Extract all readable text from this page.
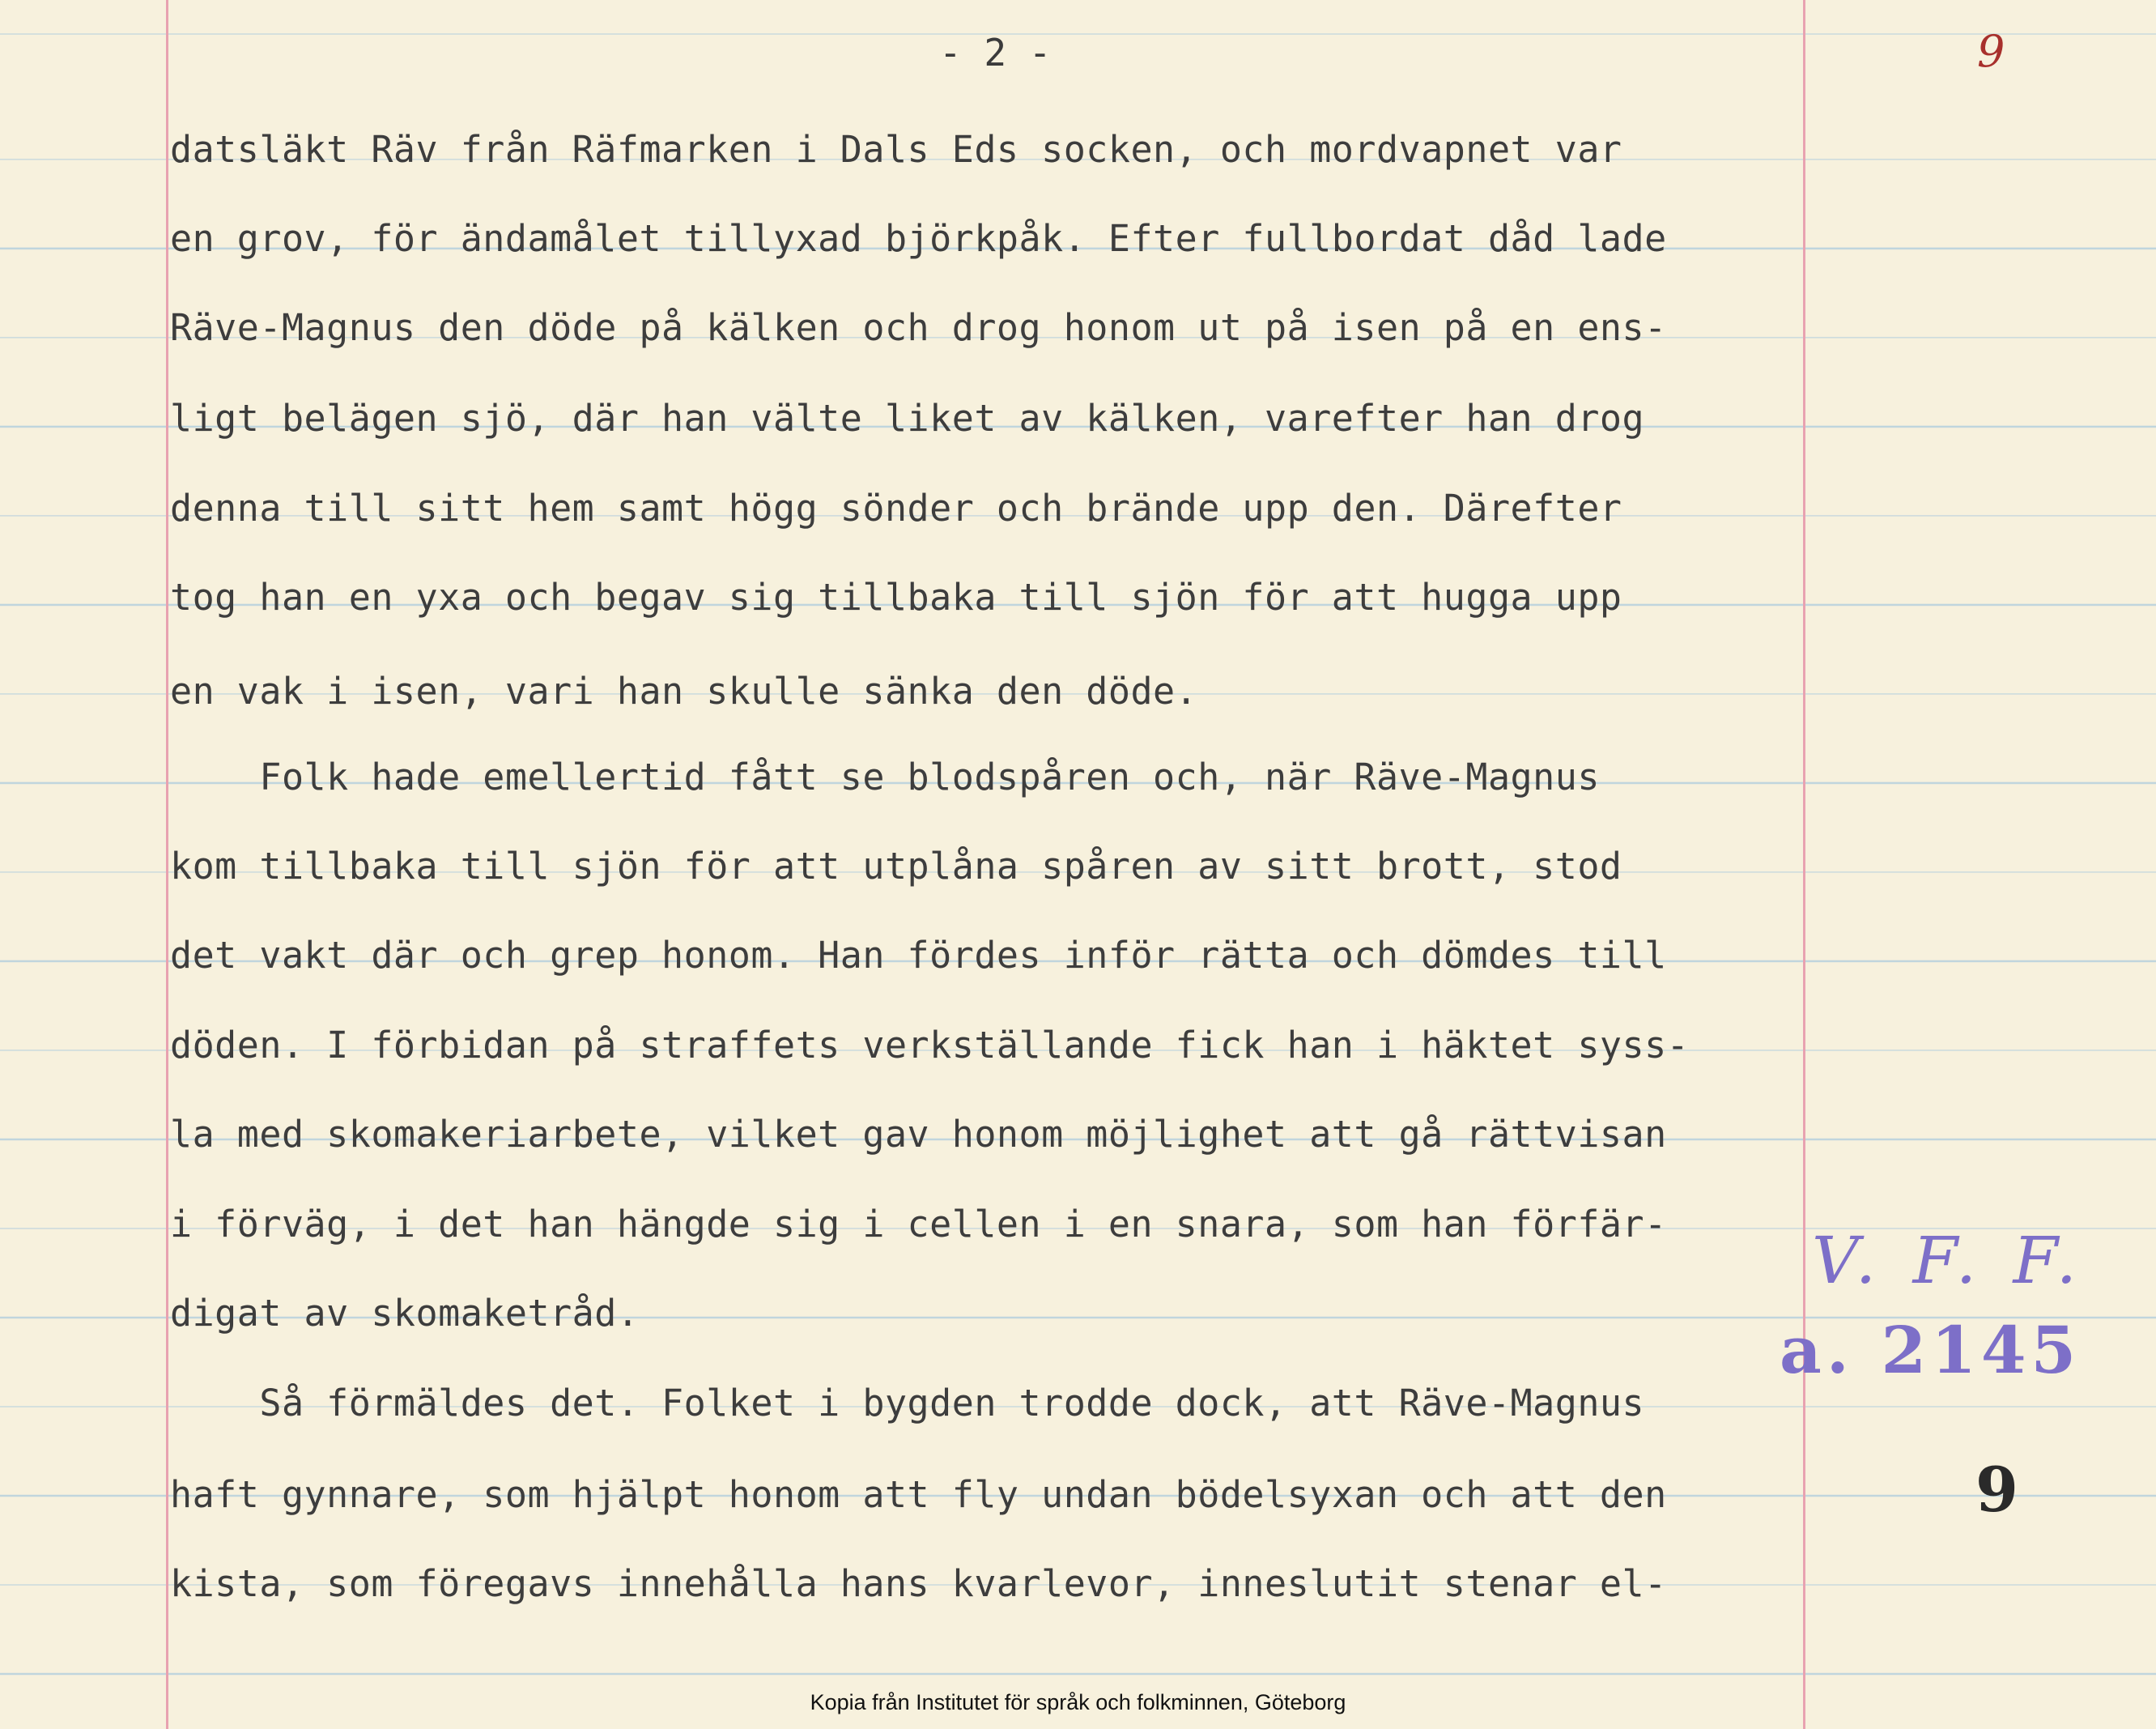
- 2 -	9
datsläkt Räv från Räfmarken i Dals Eds socken, och mordvapnet var
en grov, för ändamålet tillyxad björkpåk. Efter fullbordat dåd lade
Räve-Magnus den döde på kälken och drog honom ut på isen på en ens-
ligt belägen sjö, där han välte liket av kälken, varefter han drog
denna till sitt hem samt högg sönder och brände upp den. Därefter
tog han en yxa och begav sig tillbaka till sjön för att hugga upp
en vak i isen, vari han skulle sänka den döde.
Folk hade emellertid fått se blodspåren och, när Räve-Magnus
kom tillbaka till sjön för att utplåna spåren av sitt brott, stod
det vakt där och grep honom. Han fördes inför rätta och dömdes till
döden. I förbidan på straffets verkställande fick han i häktet syss-
la med skomakeriarbete, vilket gav honom möjlighet att gå rättvisan
i förväg, i det han hängde sig i cellen i en snara, som han förfär-
digat av skomaketråd.
Så förmäldes det. Folket i bygden trodde dock, att Räve-Magnus
haft gynnare, som hjälpt honom att fly undan bödelsyxan och att den
kista, som föregavs innehålla hans kvarlevor, inneslutit stenar el-
V. F. F.
a. 2145
9
Kopia från Institutet för språk och folkminnen, Göteborg
